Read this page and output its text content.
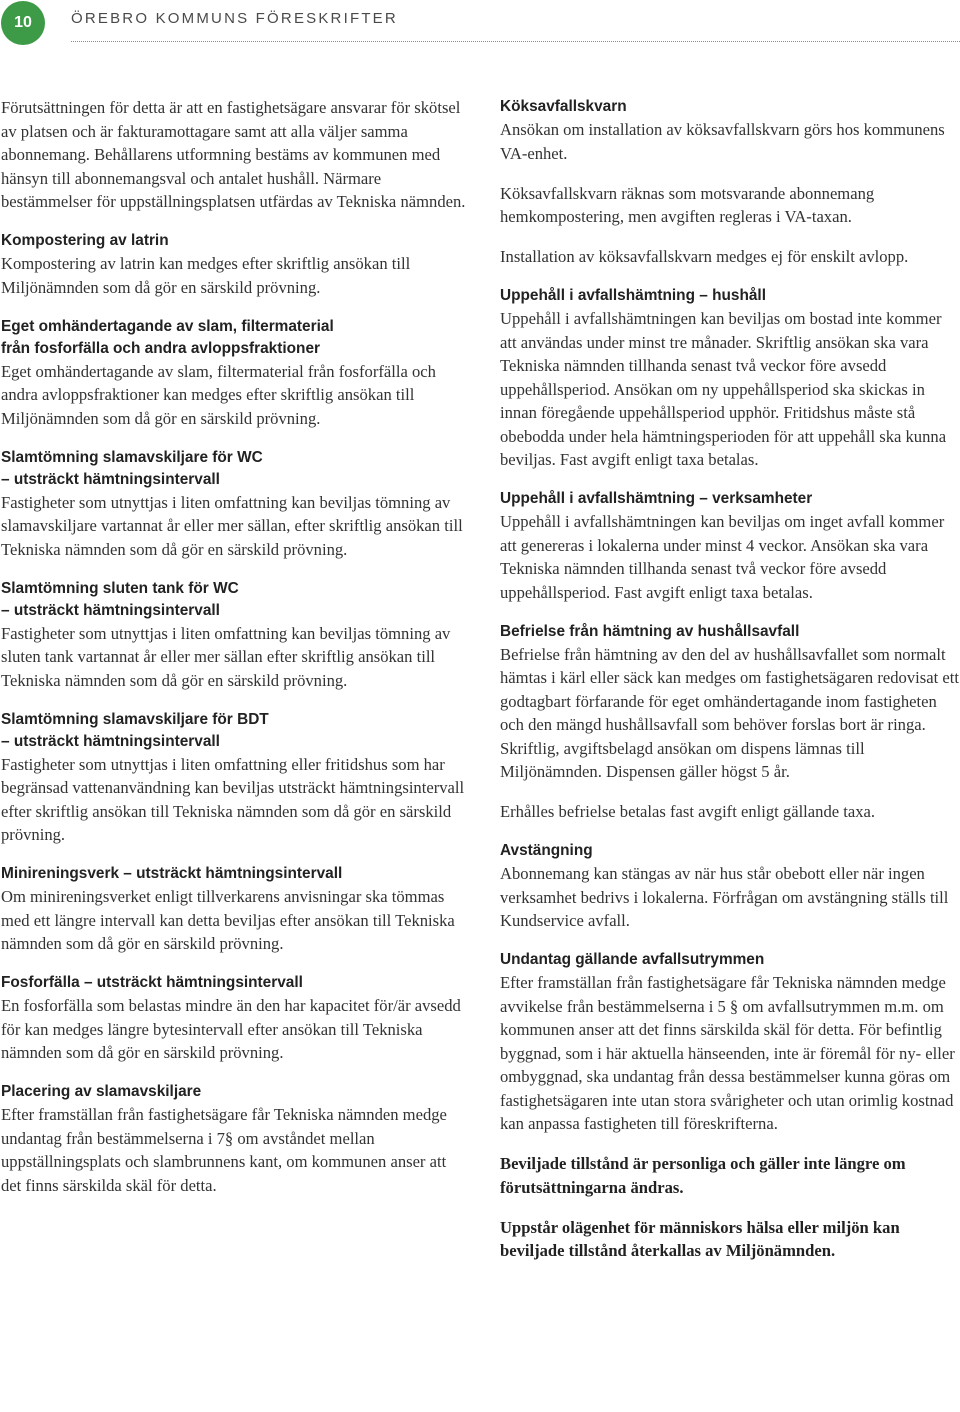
10	ÖREBRO KOMMUNS FÖRESKRIFTER

Förutsättningen för detta är att en fastighetsägare ansvarar för skötsel av platsen och är fakturamottagare samt att alla väljer samma abonnemang. Behållarens utformning bestäms av kommunen med hänsyn till abonnemangsval och antalet hushåll. Närmare bestämmelser för uppställningsplatsen utfärdas av Tekniska nämnden.

Kompostering av latrin

Kompostering av latrin kan medges efter skriftlig ansökan till Miljönämnden som då gör en särskild prövning.

Eget omhändertagande av slam, filtermaterial
från fosforfälla och andra avloppsfraktioner

Eget omhändertagande av slam, filtermaterial från fosforfälla och andra avloppsfraktioner kan medges efter skriftlig ansökan till Miljönämnden som då gör en särskild prövning.

Slamtömning slamavskiljare för WC
– utsträckt hämtningsintervall

Fastigheter som utnyttjas i liten omfattning kan beviljas tömning av slamavskiljare vartannat år eller mer sällan, efter skriftlig ansökan till Tekniska nämnden som då gör en särskild prövning.

Slamtömning sluten tank för WC
– utsträckt hämtningsintervall

Fastigheter som utnyttjas i liten omfattning kan beviljas tömning av sluten tank vartannat år eller mer sällan efter skriftlig ansökan till Tekniska nämnden som då gör en särskild prövning.

Slamtömning slamavskiljare för BDT
– utsträckt hämtningsintervall

Fastigheter som utnyttjas i liten omfattning eller fritidshus som har begränsad vattenanvändning kan beviljas utsträckt hämtningsintervall efter skriftlig ansökan till Tekniska nämnden som då gör en särskild prövning.

Minireningsverk – utsträckt hämtningsintervall

Om minireningsverket enligt tillverkarens anvisningar ska tömmas med ett längre intervall kan detta beviljas efter ansökan till Tekniska nämnden som då gör en särskild prövning.

Fosforfälla – utsträckt hämtningsintervall

En fosforfälla som belastas mindre än den har kapacitet för/är avsedd för kan medges längre bytesintervall efter ansökan till Tekniska nämnden som då gör en särskild prövning.

Placering av slamavskiljare

Efter framställan från fastighetsägare får Tekniska nämnden medge undantag från bestämmelserna i 7§ om avståndet mellan uppställningsplats och slambrunnens kant, om kommunen anser att det finns särskilda skäl för detta.

Köksavfallskvarn

Ansökan om installation av köksavfallskvarn görs hos kommunens VA-enhet.

Köksavfallskvarn räknas som motsvarande abonnemang hemkompostering, men avgiften regleras i VA-taxan.

Installation av köksavfallskvarn medges ej för enskilt avlopp.

Uppehåll i avfallshämtning – hushåll

Uppehåll i avfallshämtningen kan beviljas om bostad inte kommer att användas under minst tre månader. Skriftlig ansökan ska vara Tekniska nämnden tillhanda senast två veckor före avsedd uppehållsperiod. Ansökan om ny uppehållsperiod ska skickas in innan föregående uppehållsperiod upphör. Fritidshus måste stå obebodda under hela hämtningsperioden för att uppehåll ska kunna beviljas. Fast avgift enligt taxa betalas.

Uppehåll i avfallshämtning – verksamheter

Uppehåll i avfallshämtningen kan beviljas om inget avfall kommer att genereras i lokalerna under minst 4 veckor. Ansökan ska vara Tekniska nämnden tillhanda senast två veckor före avsedd uppehållsperiod. Fast avgift enligt taxa betalas.

Befrielse från hämtning av hushållsavfall

Befrielse från hämtning av den del av hushållsavfallet som normalt hämtas i kärl eller säck kan medges om fastighetsägaren redovisat ett godtagbart förfarande för eget omhändertagande inom fastigheten och den mängd hushållsavfall som behöver forslas bort är ringa. Skriftlig, avgiftsbelagd ansökan om dispens lämnas till Miljönämnden. Dispensen gäller högst 5 år.

Erhålles befrielse betalas fast avgift enligt gällande taxa.

Avstängning

Abonnemang kan stängas av när hus står obebott eller när ingen verksamhet bedrivs i lokalerna. Förfrågan om avstängning ställs till Kundservice avfall.

Undantag gällande avfallsutrymmen

Efter framställan från fastighetsägare får Tekniska nämnden medge avvikelse från bestämmelserna i 5 § om avfallsutrymmen m.m. om kommunen anser att det finns särskilda skäl för detta. För befintlig byggnad, som i här aktuella hänseenden, inte är föremål för ny- eller ombyggnad, ska undantag från dessa bestämmelser kunna göras om fastighetsägaren inte utan stora svårigheter och utan orimlig kostnad kan anpassa fastigheten till föreskrifterna.

Beviljade tillstånd är personliga och gäller inte längre om förutsättningarna ändras.

Uppstår olägenhet för människors hälsa eller miljön kan beviljade tillstånd återkallas av Miljönämnden.
